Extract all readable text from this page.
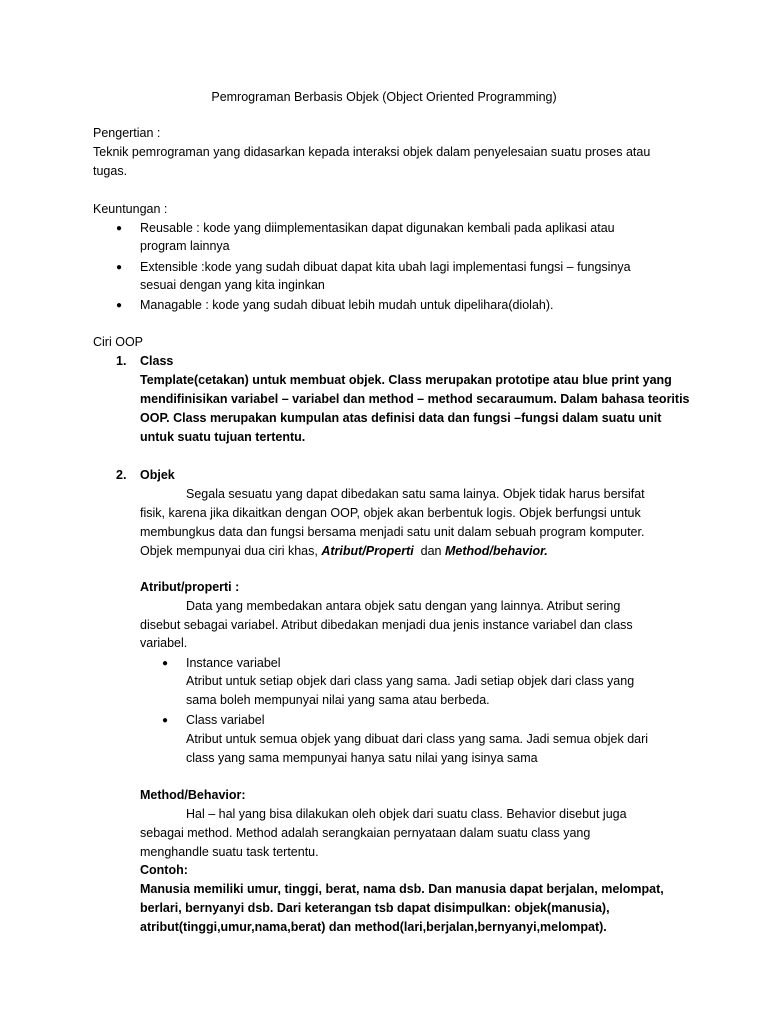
Pemrograman Berbasis Objek (Object Oriented Programming)
Pengertian :
Teknik pemrograman yang didasarkan kepada interaksi objek dalam penyelesaian suatu proses atau
tugas.
Keuntungan :
● Reusable : kode yang diimplementasikan dapat digunakan kembali pada aplikasi atau
program lainnya
● Extensible :kode yang sudah dibuat dapat kita ubah lagi implementasi fungsi – fungsinya
sesuai dengan yang kita inginkan
● Managable : kode yang sudah dibuat lebih mudah untuk dipelihara(diolah).
Ciri OOP
1. Class
Template(cetakan) untuk membuat objek. Class merupakan prototipe atau blue print yang
mendifinisikan variabel – variabel dan method – method secaraumum. Dalam bahasa teoritis
OOP. Class merupakan kumpulan atas definisi data dan fungsi –fungsi dalam suatu unit
untuk suatu tujuan tertentu.
2. Objek
Segala sesuatu yang dapat dibedakan satu sama lainya. Objek tidak harus bersifat
fisik, karena jika dikaitkan dengan OOP, objek akan berbentuk logis. Objek berfungsi untuk
membungkus data dan fungsi bersama menjadi satu unit dalam sebuah program komputer.
Objek mempunyai dua ciri khas, Atribut/Properti  dan Method/behavior.
Atribut/properti :
Data yang membedakan antara objek satu dengan yang lainnya. Atribut sering
disebut sebagai variabel. Atribut dibedakan menjadi dua jenis instance variabel dan class
variabel.
● Instance variabel
Atribut untuk setiap objek dari class yang sama. Jadi setiap objek dari class yang
sama boleh mempunyai nilai yang sama atau berbeda.
● Class variabel
Atribut untuk semua objek yang dibuat dari class yang sama. Jadi semua objek dari
class yang sama mempunyai hanya satu nilai yang isinya sama
Method/Behavior:
Hal – hal yang bisa dilakukan oleh objek dari suatu class. Behavior disebut juga
sebagai method. Method adalah serangkaian pernyataan dalam suatu class yang
menghandle suatu task tertentu.
Contoh:
Manusia memiliki umur, tinggi, berat, nama dsb. Dan manusia dapat berjalan, melompat,
berlari, bernyanyi dsb. Dari keterangan tsb dapat disimpulkan: objek(manusia),
atribut(tinggi,umur,nama,berat) dan method(lari,berjalan,bernyanyi,melompat).
